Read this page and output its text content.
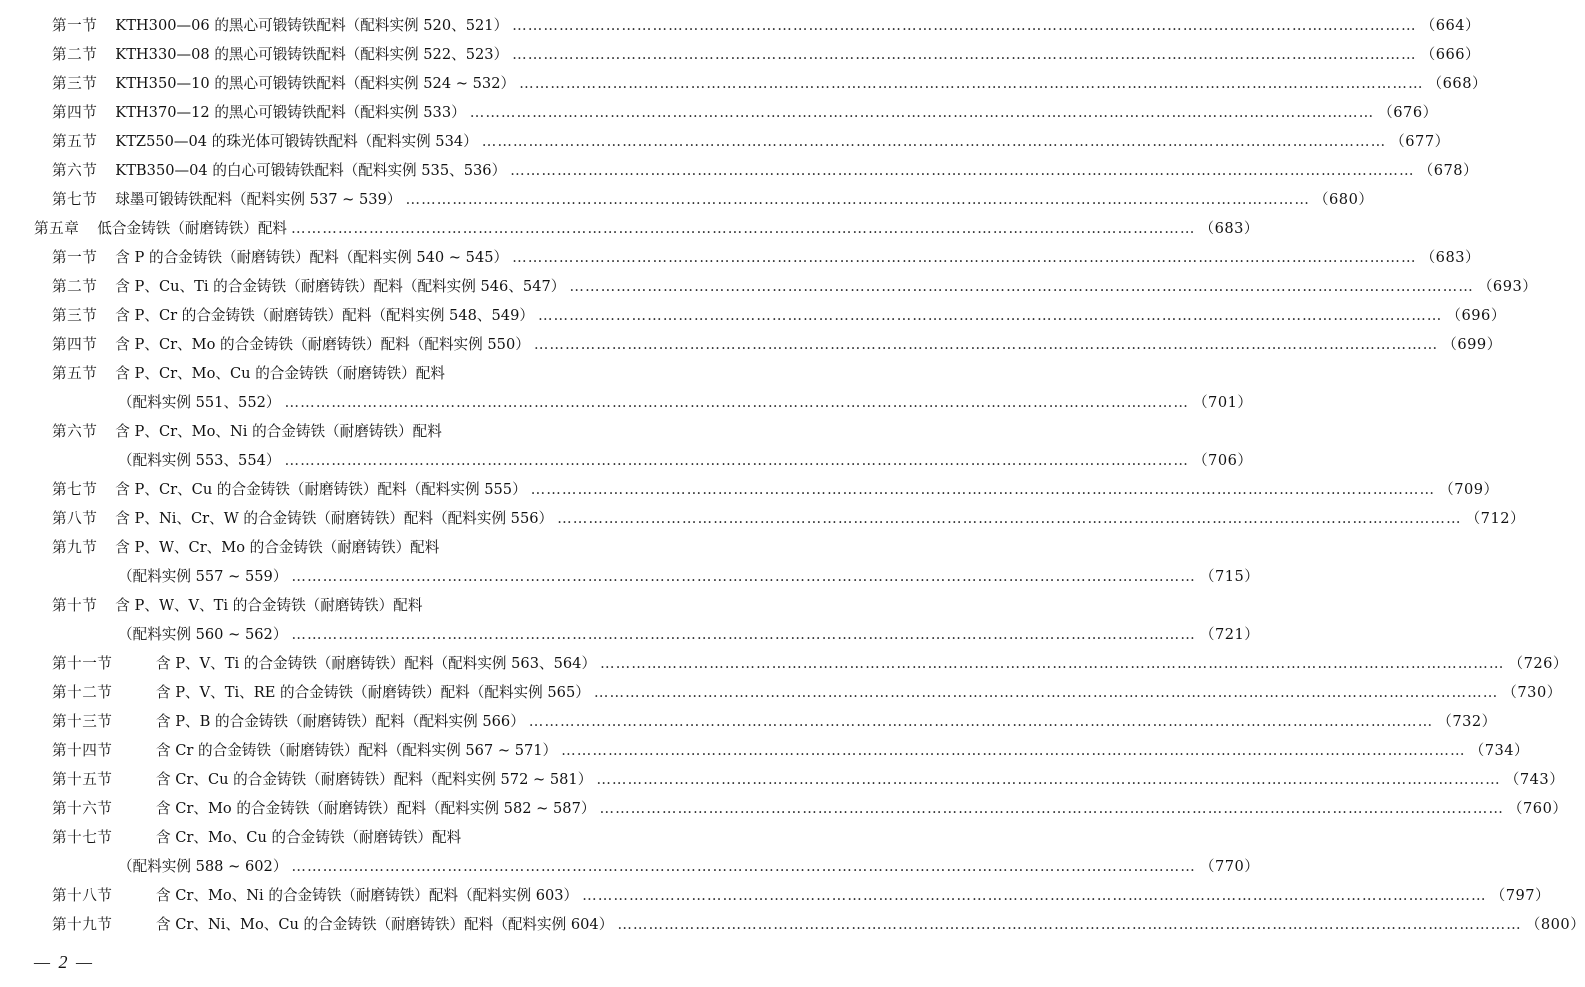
第一节 KTH300—06 的黑心可锻铸铁配料（配料实例 520、521） …………………………………………………………………………………………………………………………………………………………	（664）
第二节 KTH330—08 的黑心可锻铸铁配料（配料实例 522、523） …………………………………………………………………………………………………………………………………………………………	（666）
第三节 KTH350—10 的黑心可锻铸铁配料（配料实例 524 ~ 532） …………………………………………………………………………………………………………………………………………………………	（668）
第四节 KTH370—12 的黑心可锻铸铁配料（配料实例 533） …………………………………………………………………………………………………………………………………………………………	（676）
第五节 KTZ550—04 的珠光体可锻铸铁配料（配料实例 534） …………………………………………………………………………………………………………………………………………………………	（677）
第六节 KTB350—04 的白心可锻铸铁配料（配料实例 535、536） …………………………………………………………………………………………………………………………………………………………	（678）
第七节 球墨可锻铸铁配料（配料实例 537 ~ 539） …………………………………………………………………………………………………………………………………………………………	（680）
第五章 低合金铸铁（耐磨铸铁）配料 …………………………………………………………………………………………………………………………………………………………	（683）
第一节 含 P 的合金铸铁（耐磨铸铁）配料（配料实例 540 ~ 545） …………………………………………………………………………………………………………………………………………………………	（683）
第二节 含 P、Cu、Ti 的合金铸铁（耐磨铸铁）配料（配料实例 546、547） …………………………………………………………………………………………………………………………………………………………	（693）
第三节 含 P、Cr 的合金铸铁（耐磨铸铁）配料（配料实例 548、549） …………………………………………………………………………………………………………………………………………………………	（696）
第四节 含 P、Cr、Mo 的合金铸铁（耐磨铸铁）配料（配料实例 550） …………………………………………………………………………………………………………………………………………………………	（699）
第五节 含 P、Cr、Mo、Cu 的合金铸铁（耐磨铸铁）配料
（配料实例 551、552） …………………………………………………………………………………………………………………………………………………………	（701）
第六节 含 P、Cr、Mo、Ni 的合金铸铁（耐磨铸铁）配料
（配料实例 553、554） …………………………………………………………………………………………………………………………………………………………	（706）
第七节 含 P、Cr、Cu 的合金铸铁（耐磨铸铁）配料（配料实例 555） …………………………………………………………………………………………………………………………………………………………	（709）
第八节 含 P、Ni、Cr、W 的合金铸铁（耐磨铸铁）配料（配料实例 556） …………………………………………………………………………………………………………………………………………………………	（712）
第九节 含 P、W、Cr、Mo 的合金铸铁（耐磨铸铁）配料
（配料实例 557 ~ 559） …………………………………………………………………………………………………………………………………………………………	（715）
第十节 含 P、W、V、Ti 的合金铸铁（耐磨铸铁）配料
（配料实例 560 ~ 562） …………………………………………………………………………………………………………………………………………………………	（721）
第十一节	含 P、V、Ti 的合金铸铁（耐磨铸铁）配料（配料实例 563、564） …………………………………………………………………………………………………………………………………………………………	（726）
第十二节	含 P、V、Ti、RE 的合金铸铁（耐磨铸铁）配料（配料实例 565） …………………………………………………………………………………………………………………………………………………………	（730）
第十三节	含 P、B 的合金铸铁（耐磨铸铁）配料（配料实例 566） …………………………………………………………………………………………………………………………………………………………	（732）
第十四节	含 Cr 的合金铸铁（耐磨铸铁）配料（配料实例 567 ~ 571） …………………………………………………………………………………………………………………………………………………………	（734）
第十五节	含 Cr、Cu 的合金铸铁（耐磨铸铁）配料（配料实例 572 ~ 581） …………………………………………………………………………………………………………………………………………………………	（743）
第十六节	含 Cr、Mo 的合金铸铁（耐磨铸铁）配料（配料实例 582 ~ 587） …………………………………………………………………………………………………………………………………………………………	（760）
第十七节	含 Cr、Mo、Cu 的合金铸铁（耐磨铸铁）配料
（配料实例 588 ~ 602） …………………………………………………………………………………………………………………………………………………………	（770）
第十八节	含 Cr、Mo、Ni 的合金铸铁（耐磨铸铁）配料（配料实例 603） …………………………………………………………………………………………………………………………………………………………	（797）
第十九节	含 Cr、Ni、Mo、Cu 的合金铸铁（耐磨铸铁）配料（配料实例 604） …………………………………………………………………………………………………………………………………………………………	（800）
— 2 —
